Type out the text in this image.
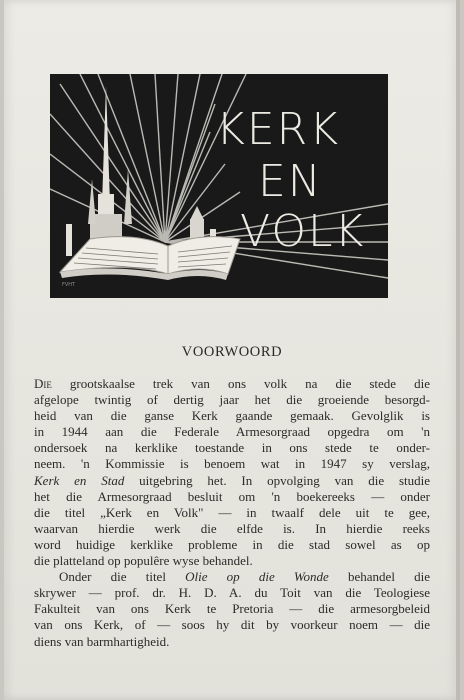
KERK
EN
VOLK
FVHT
VOORWOORD

Die grootskaalse trek van ons volk na die stede die
afgelope twintig of dertig jaar het die groeiende besorgd-
heid van die ganse Kerk gaande gemaak. Gevolglik is
in 1944 aan die Federale Armesorgraad opgedra om 'n
ondersoek na kerklike toestande in ons stede te onder-
neem. 'n Kommissie is benoem wat in 1947 sy verslag,
Kerk en Stad uitgebring het. In opvolging van die studie
het die Armesorgraad besluit om 'n boekereeks — onder
die titel „Kerk en Volk" — in twaalf dele uit te gee,
waarvan hierdie werk die elfde is. In hierdie reeks
word huidige kerklike probleme in die stad sowel as op
die platteland op populêre wyse behandel.

Onder die titel Olie op die Wonde behandel die
skrywer — prof. dr. H. D. A. du Toit van die Teologiese
Fakulteit van ons Kerk te Pretoria — die armesorgbeleid
van ons Kerk, of — soos hy dit by voorkeur noem — die
diens van barmhartigheid.
